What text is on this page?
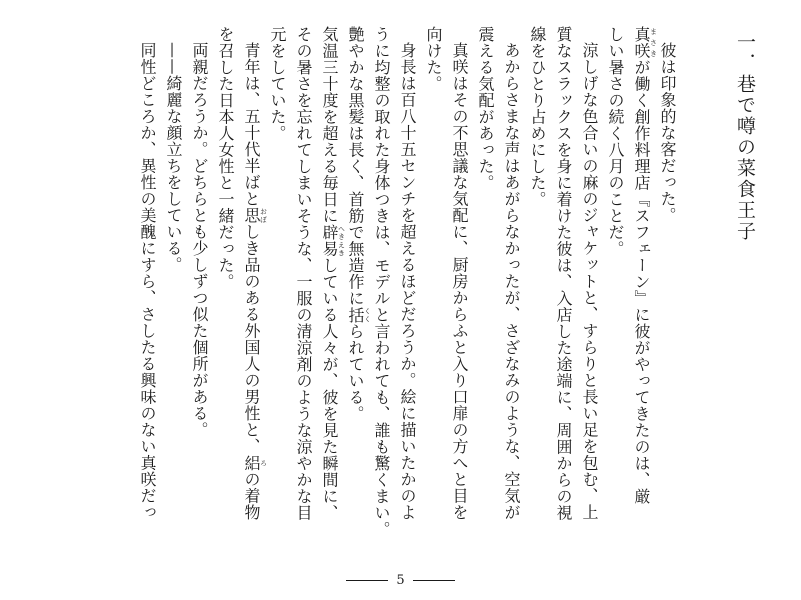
一．巷で噂の菜食王子
彼は印象的な客だった。
真咲まさきが働く創作料理店『スフェーン』に彼がやってきたのは、厳
しい暑さの続く八月のことだ。
涼しげな色合いの麻のジャケットと、すらりと長い足を包む、上
質なスラックスを身に着けた彼は、入店した途端に、周囲からの視
線をひとり占めにした。
あからさまな声はあがらなかったが、さざなみのような、空気が
震える気配があった。
真咲はその不思議な気配に、厨房からふと入り口扉の方へと目を
向けた。
身長は百八十五センチを超えるほどだろうか。絵に描いたかのよ
うに均整の取れた身体つきは、モデルと言われても、誰も驚くまい。
艶やかな黒髪は長く、首筋で無造作に括くくられている。
気温三十度を超える毎日に辟易へきえきしている人々が、彼を見た瞬間に、
その暑さを忘れてしまいそうな、一服の清涼剤のような涼やかな目
元をしていた。
青年は、五十代半ばと思おぼしき品のある外国人の男性と、絽ろの着物
を召した日本人女性と一緒だった。
両親だろうか。どちらとも少しずつ似た個所がある。
——綺麗な顔立ちをしている。
同性どころか、異性の美醜にすら、さしたる興味のない真咲だっ
5
